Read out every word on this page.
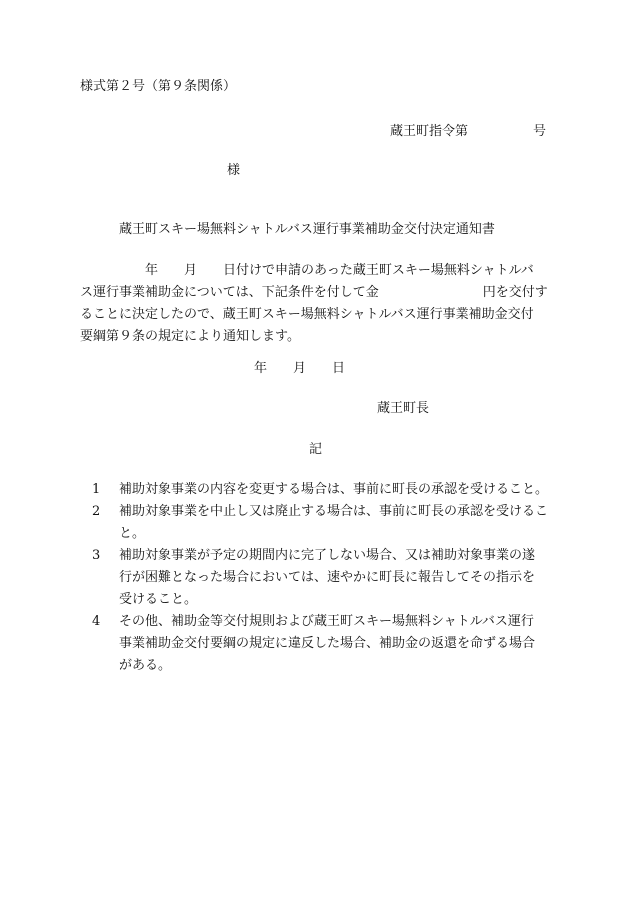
様式第２号（第９条関係）
蔵王町指令第　　　　　号
様
蔵王町スキー場無料シャトルバス運行事業補助金交付決定通知書
　　　　　年　　月　　日付けで申請のあった蔵王町スキー場無料シャトルバ
ス運行事業補助金については、下記条件を付して金　　　　　　　　円を交付す
ることに決定したので、蔵王町スキー場無料シャトルバス運行事業補助金交付
要綱第９条の規定により通知します。
年　　月　　日
蔵王町長
記
1 補助対象事業の内容を変更する場合は、事前に町長の承認を受けること。
2 補助対象事業を中止し又は廃止する場合は、事前に町長の承認を受けるこ
と。
3 補助対象事業が予定の期間内に完了しない場合、又は補助対象事業の遂
行が困難となった場合においては、速やかに町長に報告してその指示を
受けること。
4 その他、補助金等交付規則および蔵王町スキー場無料シャトルバス運行
事業補助金交付要綱の規定に違反した場合、補助金の返還を命ずる場合
がある。
